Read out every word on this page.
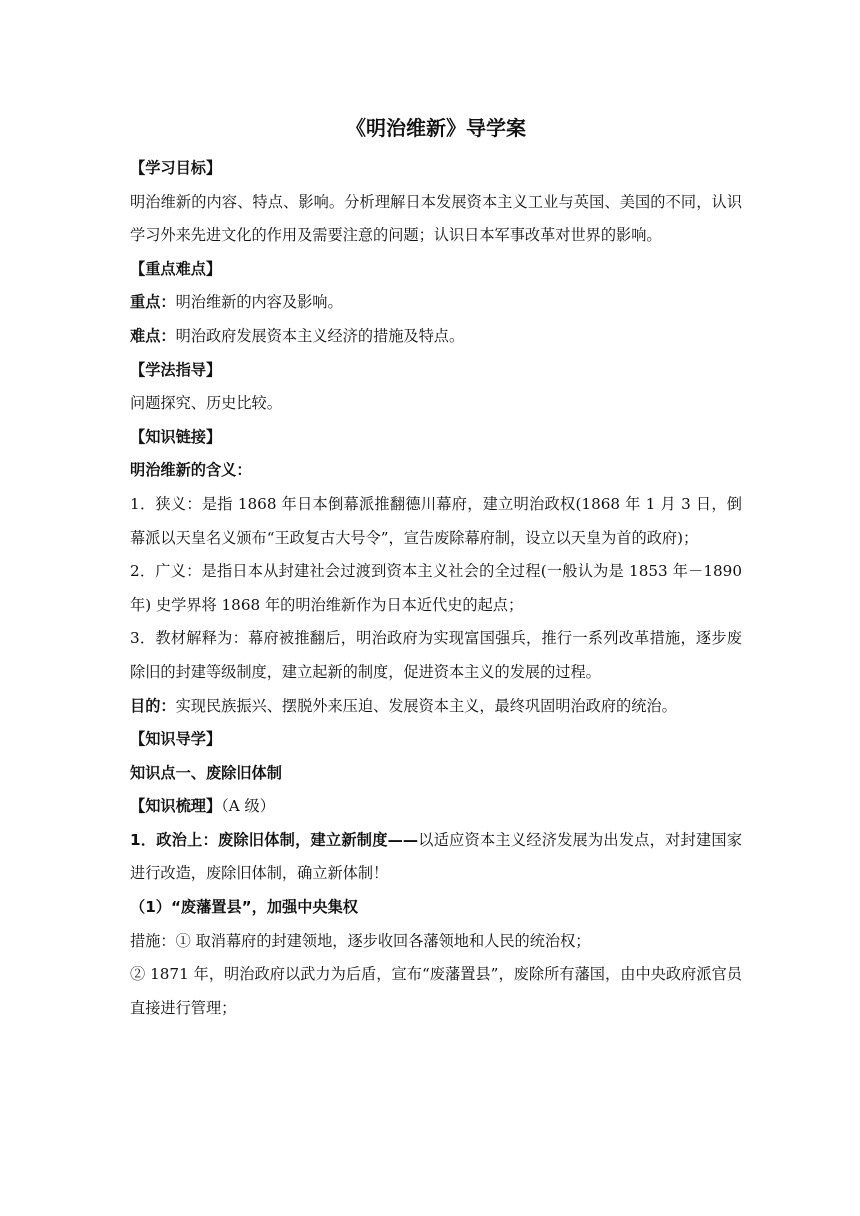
《明治维新》导学案

【学习目标】

明治维新的内容、特点、影响。分析理解日本发展资本主义工业与英国、美国的不同，认识学习外来先进文化的作用及需要注意的问题；认识日本军事改革对世界的影响。

【重点难点】

重点：明治维新的内容及影响。

难点：明治政府发展资本主义经济的措施及特点。

【学法指导】

问题探究、历史比较。

【知识链接】

明治维新的含义：

1．狭义：是指 1868 年日本倒幕派推翻德川幕府，建立明治政权(1868 年 1 月 3 日，倒幕派以天皇名义颁布“王政复古大号令”，宣告废除幕府制，设立以天皇为首的政府)；

2．广义：是指日本从封建社会过渡到资本主义社会的全过程(一般认为是 1853 年－1890 年) 史学界将 1868 年的明治维新作为日本近代史的起点；

3．教材解释为：幕府被推翻后，明治政府为实现富国强兵，推行一系列改革措施，逐步废除旧的封建等级制度，建立起新的制度，促进资本主义的发展的过程。

目的：实现民族振兴、摆脱外来压迫、发展资本主义，最终巩固明治政府的统治。

【知识导学】

知识点一、废除旧体制

【知识梳理】（A 级）

1．政治上：废除旧体制，建立新制度——以适应资本主义经济发展为出发点，对封建国家进行改造，废除旧体制，确立新体制！

（1）“废藩置县”，加强中央集权

措施：① 取消幕府的封建领地，逐步收回各藩领地和人民的统治权；

② 1871 年，明治政府以武力为后盾，宣布“废藩置县”，废除所有藩国，由中央政府派官员直接进行管理；
